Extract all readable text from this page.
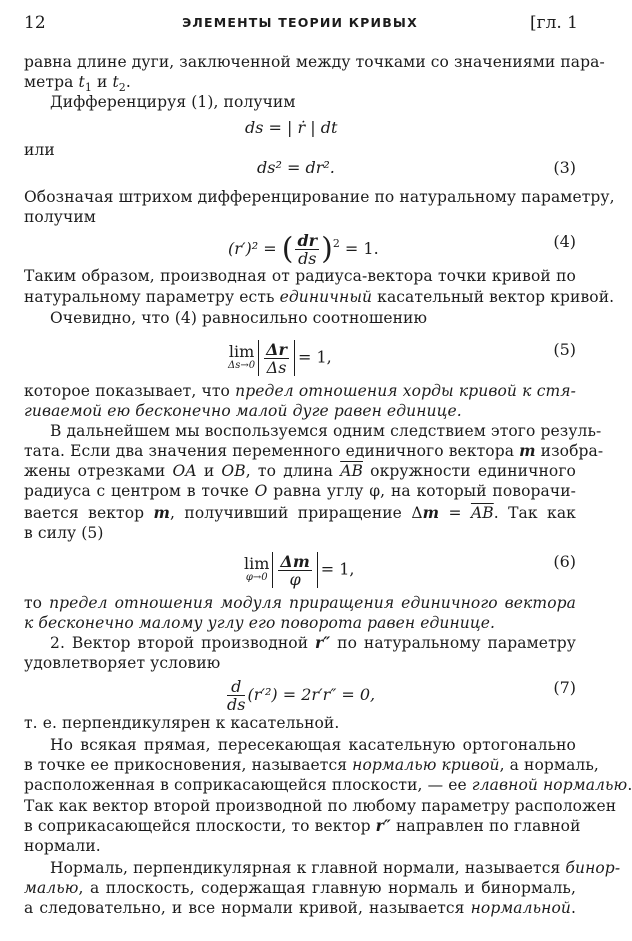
12	ЭЛЕМЕНТЫ ТЕОРИИ КРИВЫХ	[гл. 1
равна длине дуги, заключенной между точками со значениями пара-
метра $t_1$ и $t_2$.
Дифференцируя (1), получим
ds = | ṙ | dt
или
ds² = dr².	(3)
Обозначая штрихом дифференцирование по натуральному параметру,
получим
(r′)² = ( $\frac{dr}{ds} )^2 = 1$.	(4)
Таким образом, производная от радиуса-вектора точки кривой по
натуральному параметру есть единичный касательный вектор кривой.
Очевидно, что (4) равносильно соотношению
lim
$\Delta s\to 0 \frac{\Delta r}{\Delta s} = 1$,	(5)
которое показывает, что предел отношения хорды кривой к стя-
гиваемой ею бесконечно малой дуге равен единице.
В дальнейшем мы воспользуемся одним следствием этого резуль-
тата. Если два значения переменного единичного вектора m изобра-
жены отрезками OA и OB, то длина $\overline{AB}$ окружности единичного
радиуса с центром в точке O равна углу φ, на который поворачи-
вается вектор m, получивший приращение $\Delta m = \overline{AB}$. Так как
в силу (5)
lim
$\varphi\to 0 \frac{\Delta m}{\varphi} = 1$,	(6)
то предел отношения модуля приращения единичного вектора
к бесконечно малому углу его поворота равен единице.
2. Вектор второй производной r″ по натуральному параметру
удовлетворяет условию
$\frac{d}{ds} (r'^2) = 2r'r'' = 0$,	(7)
т. е. перпендикулярен к касательной.
Но всякая прямая, пересекающая касательную ортогонально
в точке ее прикосновения, называется нормалью кривой, а нормаль,
расположенная в соприкасающейся плоскости, — ее главной нормалью.
Так как вектор второй производной по любому параметру расположен
в соприкасающейся плоскости, то вектор r″ направлен по главной
нормали.
Нормаль, перпендикулярная к главной нормали, называется бинор-
малью, а плоскость, содержащая главную нормаль и бинормаль,
а следовательно, и все нормали кривой, называется нормальной.
